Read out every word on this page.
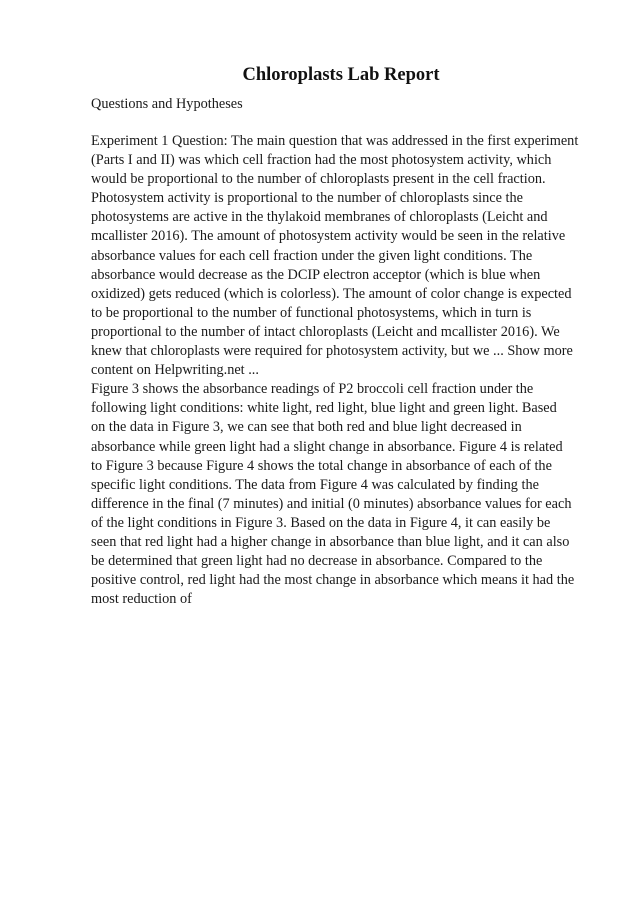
Chloroplasts Lab Report

Questions and Hypotheses

Experiment 1 Question: The main question that was addressed in the first experiment
(Parts I and II) was which cell fraction had the most photosystem activity, which
would be proportional to the number of chloroplasts present in the cell fraction.
Photosystem activity is proportional to the number of chloroplasts since the
photosystems are active in the thylakoid membranes of chloroplasts (Leicht and
mcallister 2016). The amount of photosystem activity would be seen in the relative
absorbance values for each cell fraction under the given light conditions. The
absorbance would decrease as the DCIP electron acceptor (which is blue when
oxidized) gets reduced (which is colorless). The amount of color change is expected
to be proportional to the number of functional photosystems, which in turn is
proportional to the number of intact chloroplasts (Leicht and mcallister 2016). We
knew that chloroplasts were required for photosystem activity, but we ... Show more
content on Helpwriting.net ...
Figure 3 shows the absorbance readings of P2 broccoli cell fraction under the
following light conditions: white light, red light, blue light and green light. Based
on the data in Figure 3, we can see that both red and blue light decreased in
absorbance while green light had a slight change in absorbance. Figure 4 is related
to Figure 3 because Figure 4 shows the total change in absorbance of each of the
specific light conditions. The data from Figure 4 was calculated by finding the
difference in the final (7 minutes) and initial (0 minutes) absorbance values for each
of the light conditions in Figure 3. Based on the data in Figure 4, it can easily be
seen that red light had a higher change in absorbance than blue light, and it can also
be determined that green light had no decrease in absorbance. Compared to the
positive control, red light had the most change in absorbance which means it had the
most reduction of
